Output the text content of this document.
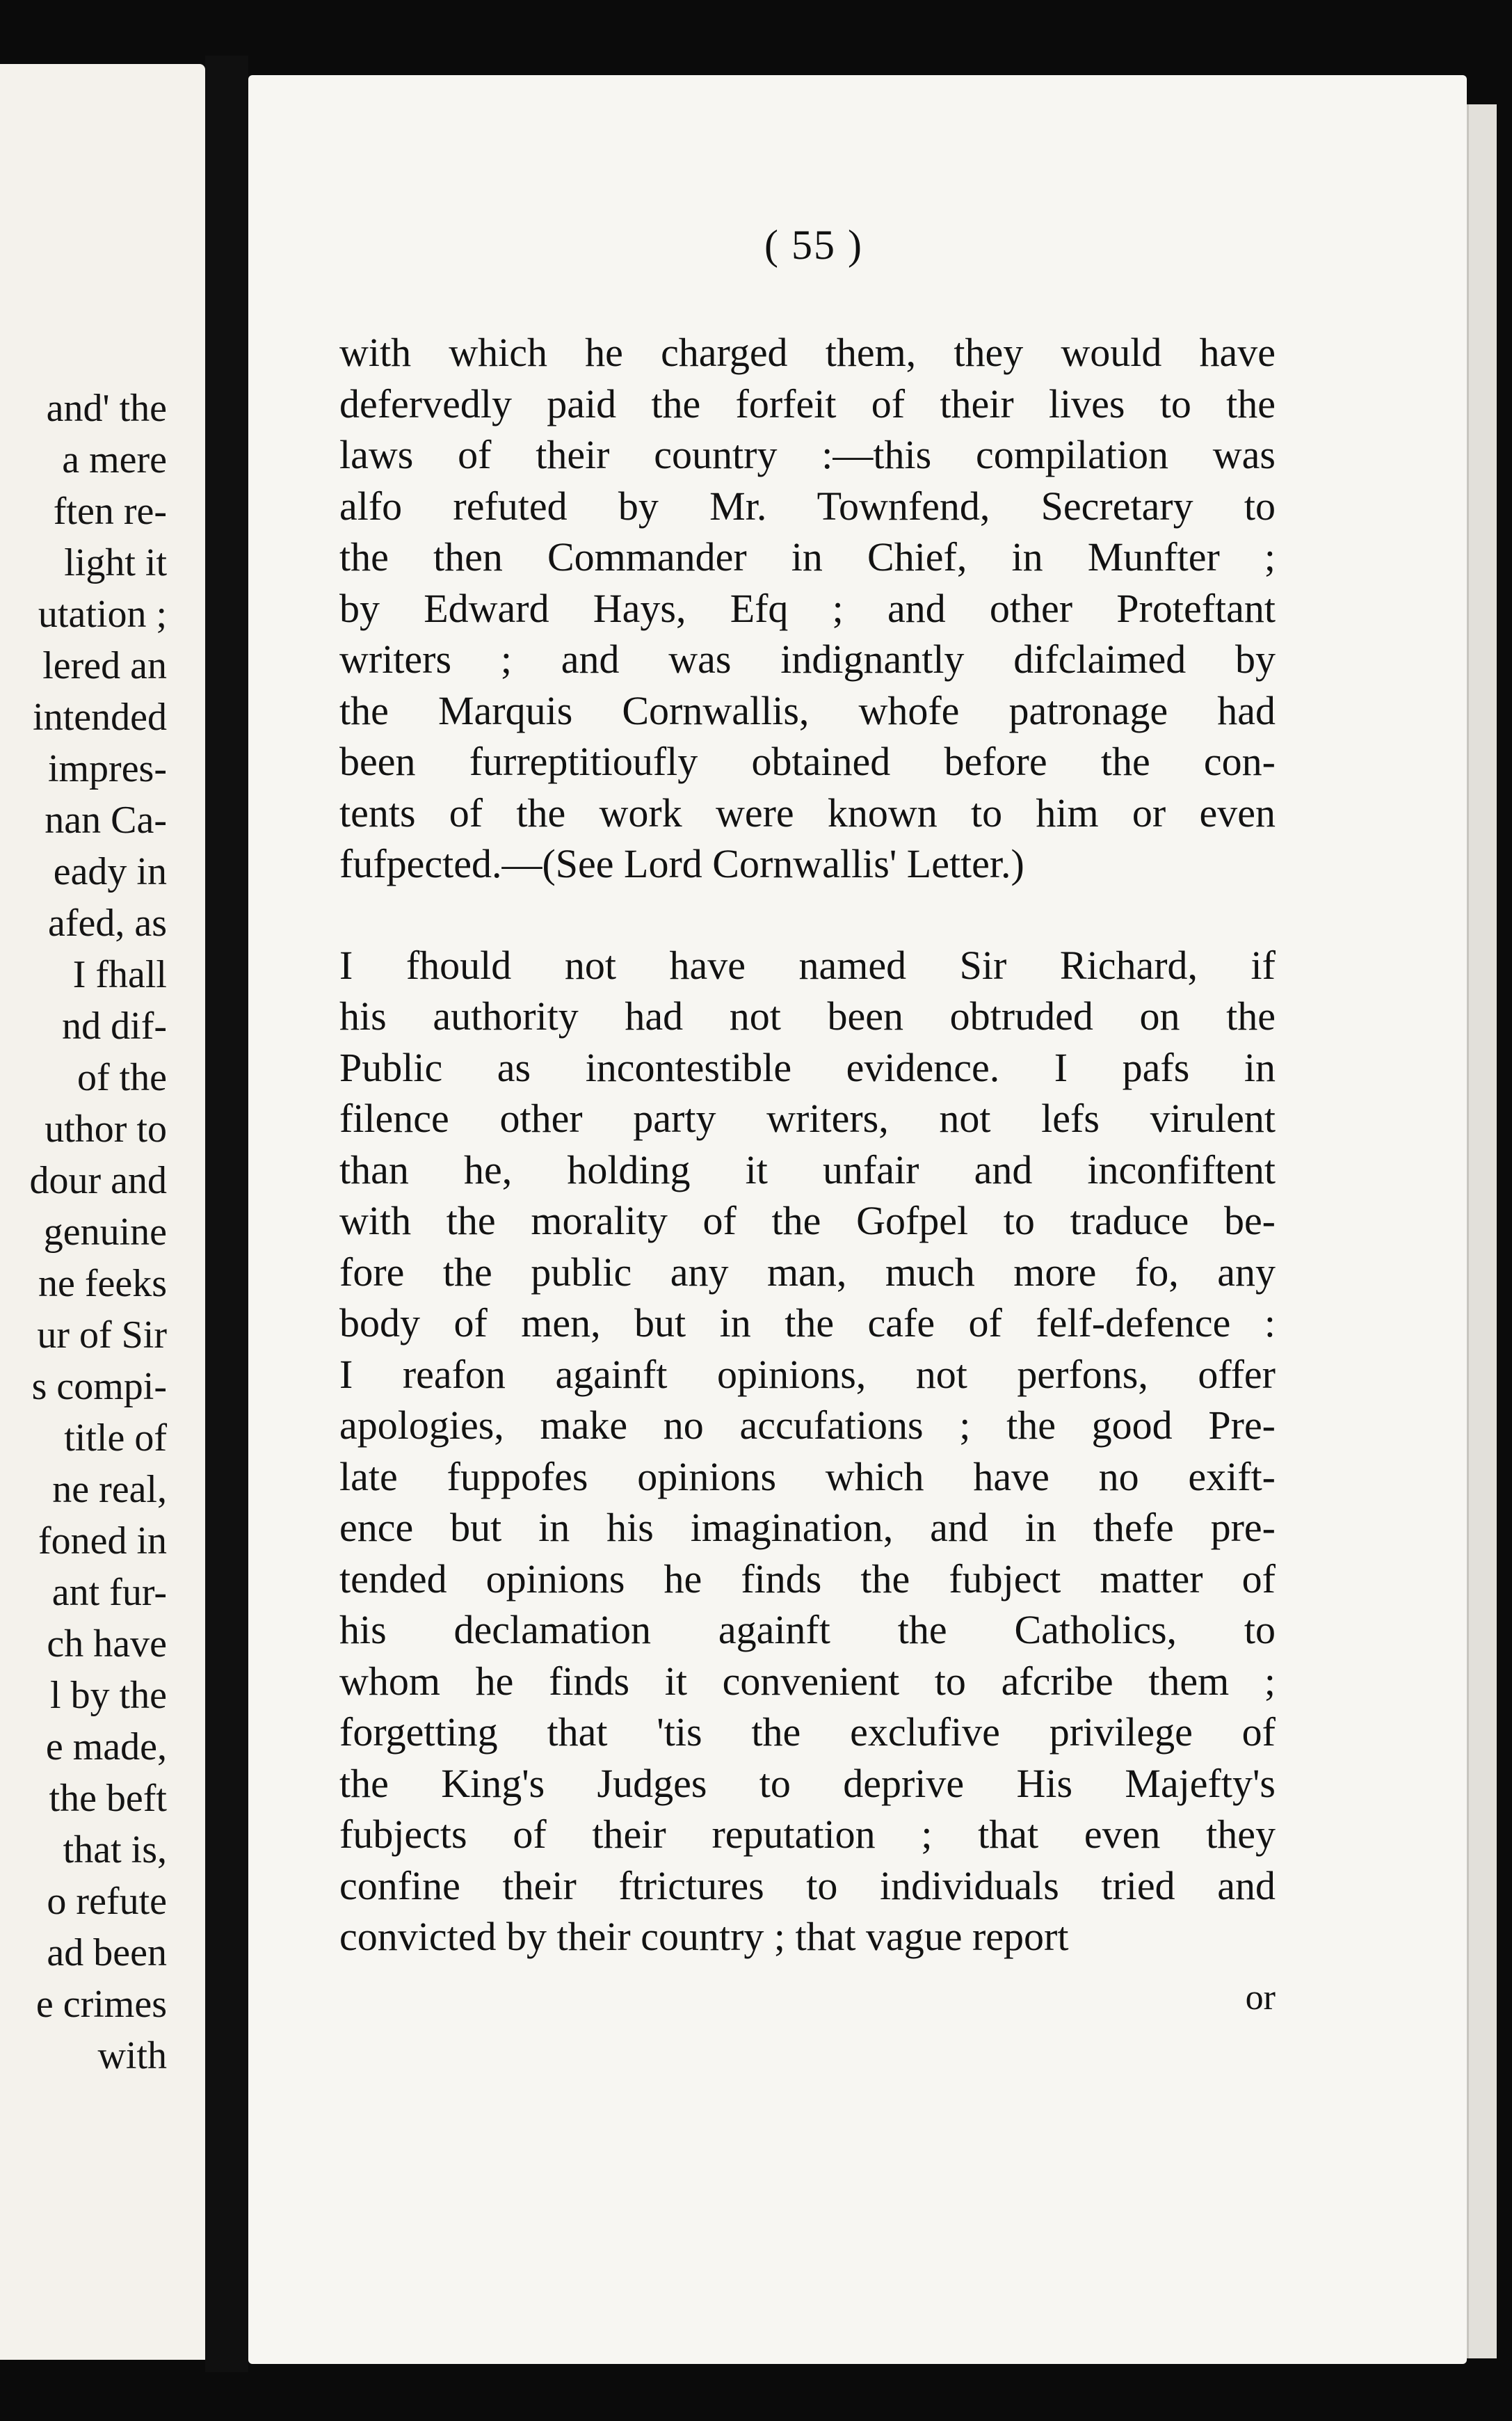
and' the
a mere
ften re-
light it
utation ;
lered an
intended
impres-
nan Ca-
eady in
afed, as
I fhall
nd dif-
of the
uthor to
dour and
genuine
ne feeks
ur of Sir
s compi-
title of
ne real,
foned in
ant fur-
ch have
l by the
e made,
the beft
that is,
o refute
ad been
e crimes
with
( 55 )

with which he charged them, they would have
defervedly paid the forfeit of their lives to the
laws of their country :—this compilation was
alfo refuted by Mr. Townfend, Secretary to
the then Commander in Chief, in Munfter ;
by Edward Hays, Efq ; and other Proteftant
writers ; and was indignantly difclaimed by
the Marquis Cornwallis, whofe patronage had
been furreptitioufly obtained before the con-
tents of the work were known to him or even
fufpected.—(See Lord Cornwallis' Letter.)

I fhould not have named Sir Richard, if
his authority had not been obtruded on the
Public as incontestible evidence. I pafs in
filence other party writers, not lefs virulent
than he, holding it unfair and inconfiftent
with the morality of the Gofpel to traduce be-
fore the public any man, much more fo, any
body of men, but in the cafe of felf-defence :
I reafon againft opinions, not perfons, offer
apologies, make no accufations ; the good Pre-
late fuppofes opinions which have no exift-
ence but in his imagination, and in thefe pre-
tended opinions he finds the fubject matter of
his declamation againft the Catholics, to
whom he finds it convenient to afcribe them ;
forgetting that 'tis the exclufive privilege of
the King's Judges to deprive His Majefty's
fubjects of their reputation ; that even they
confine their ftrictures to individuals tried and
convicted by their country ; that vague report

or
